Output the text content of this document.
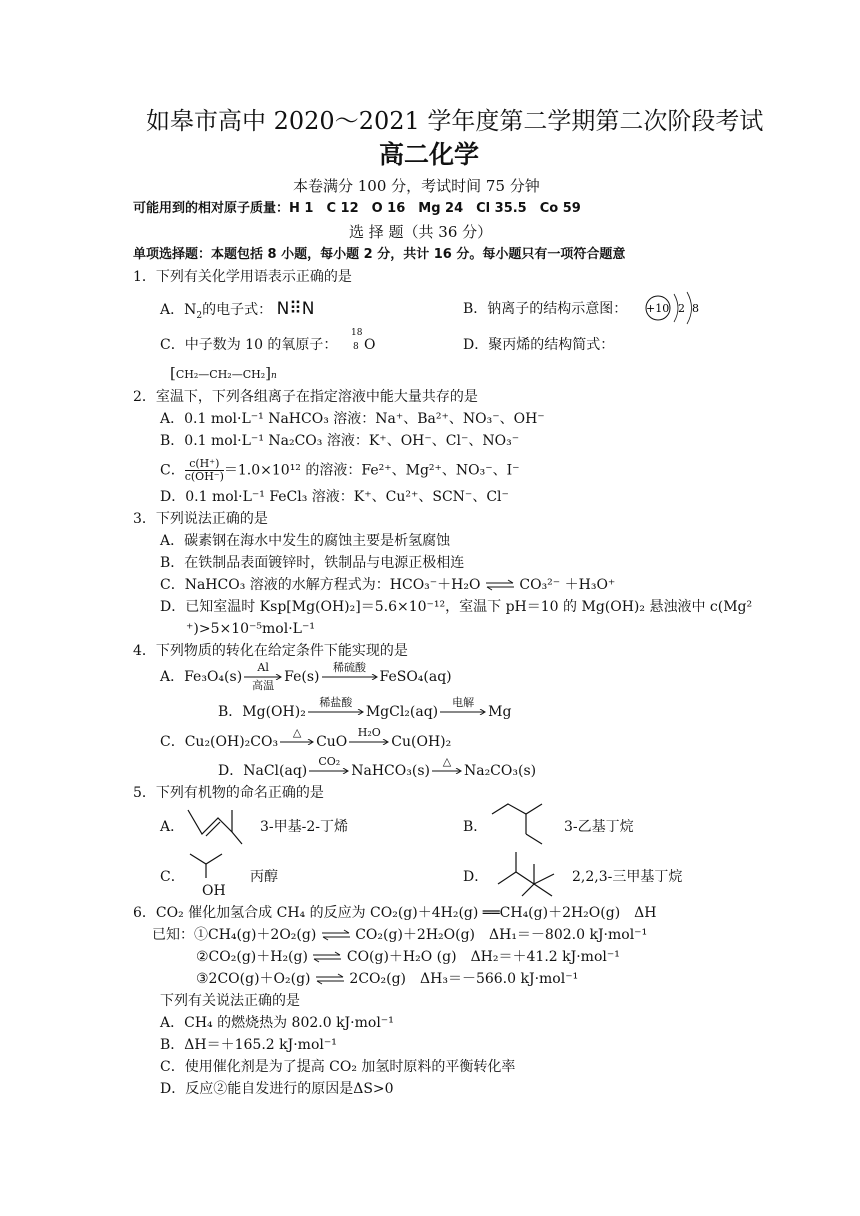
如皋市高中 2020～2021 学年度第二学期第二次阶段考试
高二化学
本卷满分 100 分，考试时间 75 分钟
可能用到的相对原子质量：H 1　C 12　O 16　Mg 24　Cl 35.5　Co 59
选 择 题（共 36 分）
单项选择题：本题包括 8 小题，每小题 2 分，共计 16 分。每小题只有一项符合题意
1．下列有关化学用语表示正确的是
A．$N_2$的电子式： N⠿N	B．钠离子的结构示意图： +10 2 8
C．中子数为 10 的氧原子：
18
8 O	D．聚丙烯的结构简式：
[CH₂—CH₂—CH₂]n
2．室温下，下列各组离子在指定溶液中能大量共存的是
A．0.1 mol·L⁻¹ NaHCO₃ 溶液：Na⁺、Ba²⁺、NO₃⁻、OH⁻
B．0.1 mol·L⁻¹ Na₂CO₃ 溶液：K⁺、OH⁻、Cl⁻、NO₃⁻
C． $\frac{c(H^+)}{c(OH^-)} =1.0\times 10^{12}$ 的溶液：Fe²⁺、Mg²⁺、NO₃⁻、I⁻
D．0.1 mol·L⁻¹ FeCl₃ 溶液：K⁺、Cu²⁺、SCN⁻、Cl⁻
3．下列说法正确的是
A．碳素钢在海水中发生的腐蚀主要是析氢腐蚀
B．在铁制品表面镀锌时，铁制品与电源正极相连
C．NaHCO₃ 溶液的水解方程式为：HCO₃⁻＋H₂O ⇌ CO₃²⁻ ＋H₃O⁺
D．已知室温时 Ksp[Mg(OH)₂]＝5.6×10⁻¹²，室温下 pH＝10 的 Mg(OH)₂ 悬浊液中 c(Mg²
⁺)>5×10⁻⁵mol·L⁻¹
4．下列物质的转化在给定条件下能实现的是
A．Fe₃O₄(s)
Al
高温
Fe(s)
稀硫酸
FeSO₄(aq)
B．Mg(OH)₂
稀盐酸
MgCl₂(aq)
电解
Mg
C．Cu₂(OH)₂CO₃
△
CuO
H₂O
Cu(OH)₂
D．NaCl(aq)
CO₂
NaHCO₃(s)
△
Na₂CO₃(s)
5．下列有机物的命名正确的是
A．	3-甲基-2-丁烯	B．	3-乙基丁烷
C．
OH
丙醇	D．	2,2,3-三甲基丁烷
6．CO₂ 催化加氢合成 CH₄ 的反应为 CO₂(g)＋4H₂(g) ══CH₄(g)＋2H₂O(g)　ΔH
已知：①CH₄(g)＋2O₂(g) ⇌ CO₂(g)＋2H₂O(g)　ΔH₁＝－802.0 kJ·mol⁻¹
②CO₂(g)＋H₂(g) ⇌ CO(g)＋H₂O (g)　ΔH₂＝＋41.2 kJ·mol⁻¹
③2CO(g)＋O₂(g) ⇌ 2CO₂(g)　ΔH₃＝－566.0 kJ·mol⁻¹
下列有关说法正确的是
A．CH₄ 的燃烧热为 802.0 kJ·mol⁻¹
B．ΔH＝＋165.2 kJ·mol⁻¹
C．使用催化剂是为了提高 CO₂ 加氢时原料的平衡转化率
D．反应②能自发进行的原因是ΔS>0
